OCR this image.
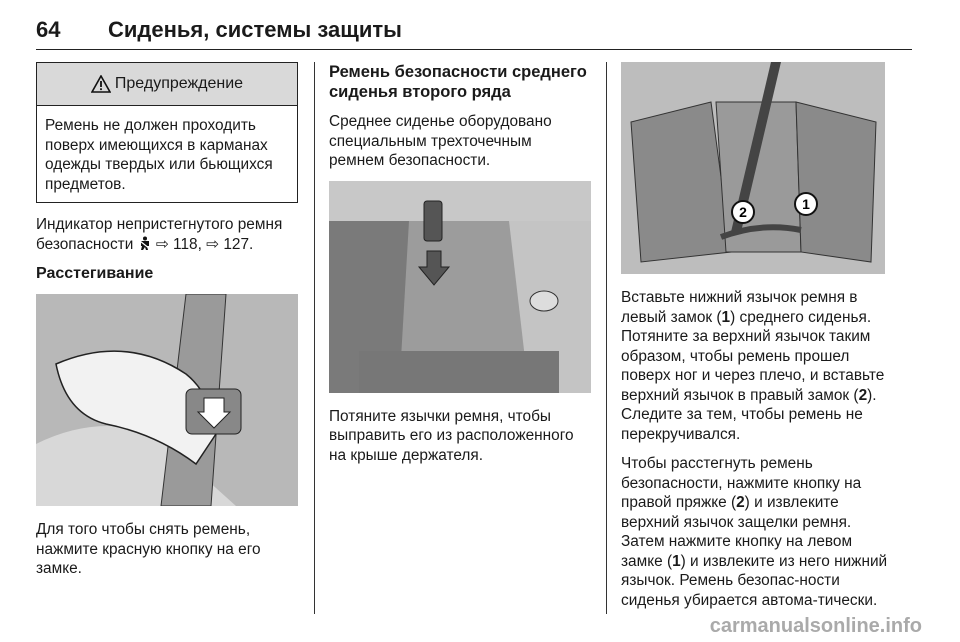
64	Сиденья, системы защиты
Предупреждение
Ремень не должен проходить поверх имеющихся в карманах одежды твердых или бьющихся предметов.

Индикатор непристегнутого ремня безопасности  ⇨ 118, ⇨ 127.

Расстегивание

Для того чтобы снять ремень, нажмите красную кнопку на его замке.

Ремень безопасности среднего сиденья второго ряда

Среднее сиденье оборудовано специальным трехточечным ремнем безопасности.

Потяните язычки ремня, чтобы выправить его из расположенного на крыше держателя.

2	1

Вставьте нижний язычок ремня в левый замок (1) среднего сиденья. Потяните за верхний язычок таким образом, чтобы ремень прошел поверх ног и через плечо, и вставьте верхний язычок в правый замок (2). Следите за тем, чтобы ремень не перекручивался.

Чтобы расстегнуть ремень безопасности, нажмите кнопку на правой пряжке (2) и извлеките верхний язычок защелки ремня. Затем нажмите кнопку на левом замке (1) и извлеките из него нижний язычок. Ремень безопас-ности сиденья убирается автома-тически.

carmanualsonline.info
